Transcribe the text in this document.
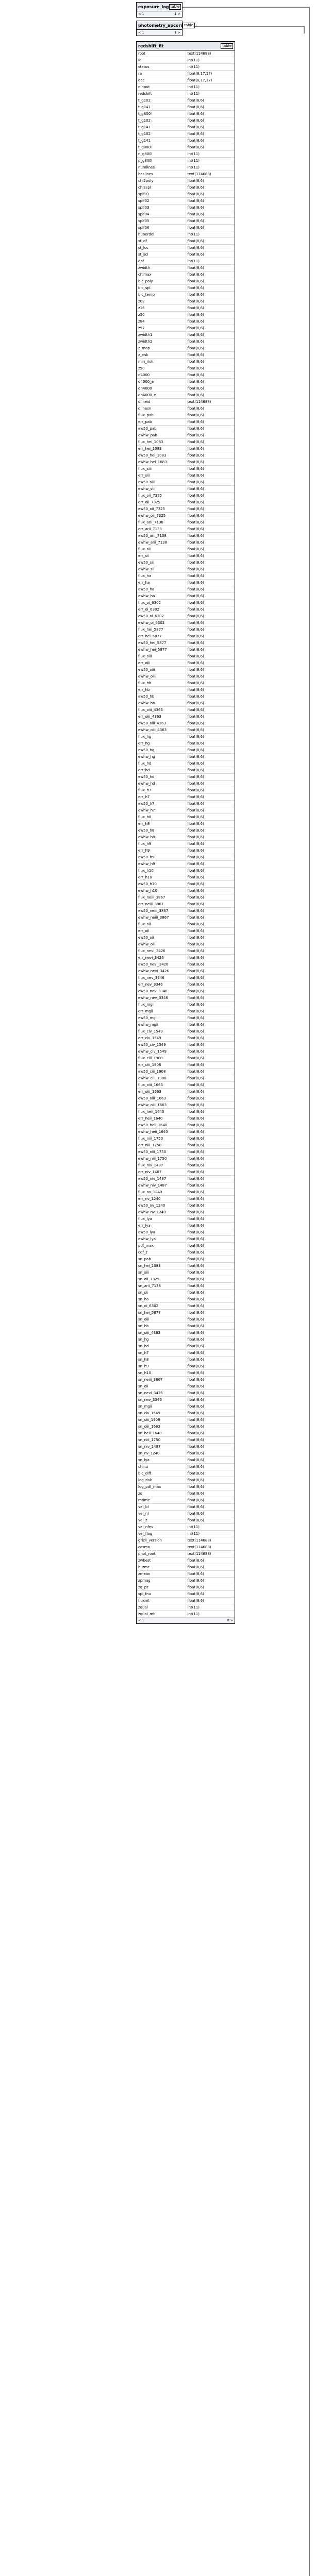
exposure_log table
< 1	1 >
photometry_apcorr table
< 1	1 >
redshift_fit	table
root	text(114688)
id	int(11)
status	int(11)
ra	float(8,17,17)
dec	float(8,17,17)
ninput	int(11)
redshift	int(11)
t_g102	float(8,6)
t_g141	float(8,6)
t_g800l	float(8,6)
t_g102	float(8,6)
t_g141	float(8,6)
t_g102	float(8,6)
t_g141	float(8,6)
t_g800l	float(8,6)
n_g800l	int(11)
p_g800l	int(11)
numlines	int(11)
haslines	text(114688)
chi2poly	float(8,6)
chi2spl	float(8,6)
splf01	float(8,6)
splf02	float(8,6)
splf03	float(8,6)
splf04	float(8,6)
splf05	float(8,6)
splf06	float(8,6)
huberdel	int(11)
st_df	float(8,6)
st_loc	float(8,6)
st_scl	float(8,6)
dof	int(11)
zwidth	float(8,6)
chimax	float(8,6)
bic_poly	float(8,6)
bic_spl	float(8,6)
bic_temp	float(8,6)
z02	float(8,6)
z16	float(8,6)
z50	float(8,6)
z84	float(8,6)
z97	float(8,6)
zwidth1	float(8,6)
zwidth2	float(8,6)
z_map	float(8,6)
z_risk	float(8,6)
min_risk	float(8,6)
z50	float(8,6)
d4000	float(8,6)
d4000_e	float(8,6)
dn4000	float(8,6)
dn4000_e	float(8,6)
dlineid	text(114688)
dlinesn	float(8,6)
flux_pab	float(8,6)
err_pab	float(8,6)
ew50_pab	float(8,6)
ewhw_pab	float(8,6)
flux_hei_1083	float(8,6)
err_hei_1083	float(8,6)
ew50_hei_1083	float(8,6)
ewhw_hei_1083	float(8,6)
flux_siii	float(8,6)
err_siii	float(8,6)
ew50_siii	float(8,6)
ewhw_siii	float(8,6)
flux_oii_7325	float(8,6)
err_oii_7325	float(8,6)
ew50_oii_7325	float(8,6)
ewhw_oii_7325	float(8,6)
flux_arii_7138	float(8,6)
err_arii_7138	float(8,6)
ew50_arii_7138	float(8,6)
ewhw_arii_7138	float(8,6)
flux_sii	float(8,6)
err_sii	float(8,6)
ew50_sii	float(8,6)
ewhw_sii	float(8,6)
flux_ha	float(8,6)
err_ha	float(8,6)
ew50_ha	float(8,6)
ewhw_ha	float(8,6)
flux_oi_6302	float(8,6)
err_oi_6302	float(8,6)
ew50_oi_6302	float(8,6)
ewhw_oi_6302	float(8,6)
flux_hei_5877	float(8,6)
err_hei_5877	float(8,6)
ew50_hei_5877	float(8,6)
ewhw_hei_5877	float(8,6)
flux_oiii	float(8,6)
err_oiii	float(8,6)
ew50_oiii	float(8,6)
ewhw_oiii	float(8,6)
flux_hb	float(8,6)
err_hb	float(8,6)
ew50_hb	float(8,6)
ewhw_hb	float(8,6)
flux_oiii_4363	float(8,6)
err_oiii_4363	float(8,6)
ew50_oiii_4363	float(8,6)
ewhw_oiii_4363	float(8,6)
flux_hg	float(8,6)
err_hg	float(8,6)
ew50_hg	float(8,6)
ewhw_hg	float(8,6)
flux_hd	float(8,6)
err_hd	float(8,6)
ew50_hd	float(8,6)
ewhw_hd	float(8,6)
flux_h7	float(8,6)
err_h7	float(8,6)
ew50_h7	float(8,6)
ewhw_h7	float(8,6)
flux_h8	float(8,6)
err_h8	float(8,6)
ew50_h8	float(8,6)
ewhw_h8	float(8,6)
flux_h9	float(8,6)
err_h9	float(8,6)
ew50_h9	float(8,6)
ewhw_h9	float(8,6)
flux_h10	float(8,6)
err_h10	float(8,6)
ew50_h10	float(8,6)
ewhw_h10	float(8,6)
flux_neiii_3867	float(8,6)
err_neiii_3867	float(8,6)
ew50_neiii_3867	float(8,6)
ewhw_neiii_3867	float(8,6)
flux_oii	float(8,6)
err_oii	float(8,6)
ew50_oii	float(8,6)
ewhw_oii	float(8,6)
flux_nevi_3426	float(8,6)
err_nevi_3426	float(8,6)
ew50_nevi_3426	float(8,6)
ewhw_nevi_3426	float(8,6)
flux_nev_3346	float(8,6)
err_nev_3346	float(8,6)
ew50_nev_3346	float(8,6)
ewhw_nev_3346	float(8,6)
flux_mgii	float(8,6)
err_mgii	float(8,6)
ew50_mgii	float(8,6)
ewhw_mgii	float(8,6)
flux_civ_1549	float(8,6)
err_civ_1549	float(8,6)
ew50_civ_1549	float(8,6)
ewhw_civ_1549	float(8,6)
flux_ciii_1908	float(8,6)
err_ciii_1908	float(8,6)
ew50_ciii_1908	float(8,6)
ewhw_ciii_1908	float(8,6)
flux_oiii_1663	float(8,6)
err_oiii_1663	float(8,6)
ew50_oiii_1663	float(8,6)
ewhw_oiii_1663	float(8,6)
flux_heii_1640	float(8,6)
err_heii_1640	float(8,6)
ew50_heii_1640	float(8,6)
ewhw_heii_1640	float(8,6)
flux_niii_1750	float(8,6)
err_niii_1750	float(8,6)
ew50_niii_1750	float(8,6)
ewhw_niii_1750	float(8,6)
flux_niv_1487	float(8,6)
err_niv_1487	float(8,6)
ew50_niv_1487	float(8,6)
ewhw_niv_1487	float(8,6)
flux_nv_1240	float(8,6)
err_nv_1240	float(8,6)
ew50_nv_1240	float(8,6)
ewhw_nv_1240	float(8,6)
flux_lya	float(8,6)
err_lya	float(8,6)
ew50_lya	float(8,6)
ewhw_lya	float(8,6)
pdf_max	float(8,6)
cdf_z	float(8,6)
sn_pab	float(8,6)
sn_hei_1083	float(8,6)
sn_siii	float(8,6)
sn_oii_7325	float(8,6)
sn_arii_7138	float(8,6)
sn_sii	float(8,6)
sn_ha	float(8,6)
sn_oi_6302	float(8,6)
sn_hei_5877	float(8,6)
sn_oiii	float(8,6)
sn_hb	float(8,6)
sn_oiii_4363	float(8,6)
sn_hg	float(8,6)
sn_hd	float(8,6)
sn_h7	float(8,6)
sn_h8	float(8,6)
sn_h9	float(8,6)
sn_h10	float(8,6)
sn_neiii_3867	float(8,6)
sn_oii	float(8,6)
sn_nevi_3426	float(8,6)
sn_nev_3346	float(8,6)
sn_mgii	float(8,6)
sn_civ_1549	float(8,6)
sn_ciii_1908	float(8,6)
sn_oiii_1663	float(8,6)
sn_heii_1640	float(8,6)
sn_niii_1750	float(8,6)
sn_niv_1487	float(8,6)
sn_nv_1240	float(8,6)
sn_lya	float(8,6)
chinu	float(8,6)
bic_diff	float(8,6)
log_risk	float(8,6)
log_pdf_max	float(8,6)
zq	float(8,6)
mtime	float(8,6)
vel_bl	float(8,6)
vel_nl	float(8,6)
vel_z	float(8,6)
vel_nfev	int(11)
vel_flag	int(11)
grizli_version	text(114688)
cosmo	text(114688)
phot_root	text(114688)
zwbest	float(8,6)
h_zmc	float(8,6)
zmean	float(8,6)
zpmag	float(8,6)
zq_pz	float(8,6)
spi_fnu	float(8,6)
fluxnit	float(8,6)
zqual	int(11)
zqual_mb	int(11)
< 1	0 >
